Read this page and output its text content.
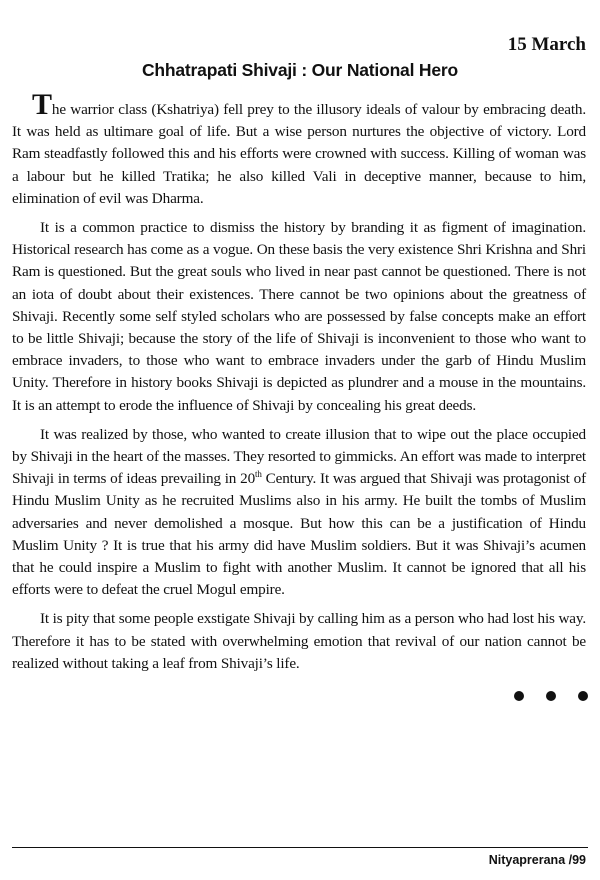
15 March

Chhatrapati Shivaji : Our National Hero

The warrior class (Kshatriya) fell prey to the illusory ideals of valour by embracing death. It was held as ultimare goal of life. But a wise person nurtures the objective of victory. Lord Ram steadfastly followed this and his efforts were crowned with success. Killing of woman was a labour but he killed Tratika; he also killed Vali in deceptive manner, because to him, elimination of evil was Dharma.

It is a common practice to dismiss the history by branding it as figment of imagination. Historical research has come as a vogue. On these basis the very existence Shri Krishna and Shri Ram is questioned. But the great souls who lived in near past cannot be questioned. There is not an iota of doubt about their existences. There cannot be two opinions about the greatness of Shivaji. Recently some self styled scholars who are possessed by false concepts make an effort to be little Shivaji; because the story of the life of Shivaji is inconvenient to those who want to embrace invaders, to those who want to embrace invaders under the garb of Hindu Muslim Unity. Therefore in history books Shivaji is depicted as plundrer and a mouse in the mountains. It is an attempt to erode the influence of Shivaji by concealing his great deeds.

It was realized by those, who wanted to create illusion that to wipe out the place occupied by Shivaji in the heart of the masses. They resorted to gimmicks. An effort was made to interpret Shivaji in terms of ideas prevailing in 20th Century. It was argued that Shivaji was protagonist of Hindu Muslim Unity as he recruited Muslims also in his army. He built the tombs of Muslim adversaries and never demolished a mosque. But how this can be a justification of Hindu Muslim Unity ? It is true that his army did have Muslim soldiers. But it was Shivaji’s acumen that he could inspire a Muslim to fight with another Muslim. It cannot be ignored that all his efforts were to defeat the cruel Mogul empire.

It is pity that some people exstigate Shivaji by calling him as a person who had lost his way. Therefore it has to be stated with overwhelming emotion that revival of our nation cannot be realized without taking a leaf from Shivaji’s life.

Nityaprerana /99
